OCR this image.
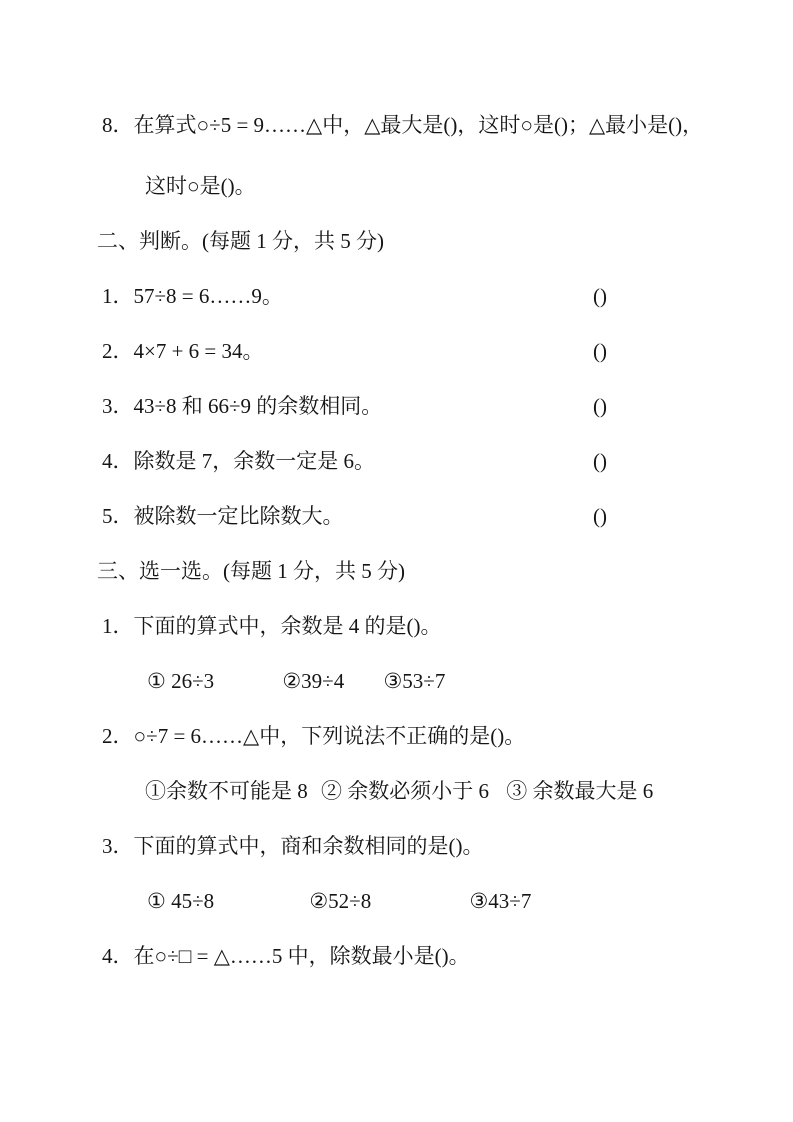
8．在算式○÷5 = 9……△中，△最大是()，这时○是()；△最小是()，
这时○是()。
二、判断。(每题 1 分，共 5 分)
1．57÷8 = 6……9。	()
2．4×7 + 6 = 34。	()
3．43÷8 和 66÷9 的余数相同。	()
4．除数是 7，余数一定是 6。	()
5．被除数一定比除数大。	()
三、选一选。(每题 1 分，共 5 分)
1．下面的算式中，余数是 4 的是()。
① 26÷3	②39÷4 ③53÷7
2．○÷7 = 6……△中，下列说法不正确的是()。
①余数不可能是 8 ② 余数必须小于 6 ③ 余数最大是 6
3．下面的算式中，商和余数相同的是()。
① 45÷8	②52÷8	③43÷7
4．在○÷□ = △……5 中，除数最小是()。
